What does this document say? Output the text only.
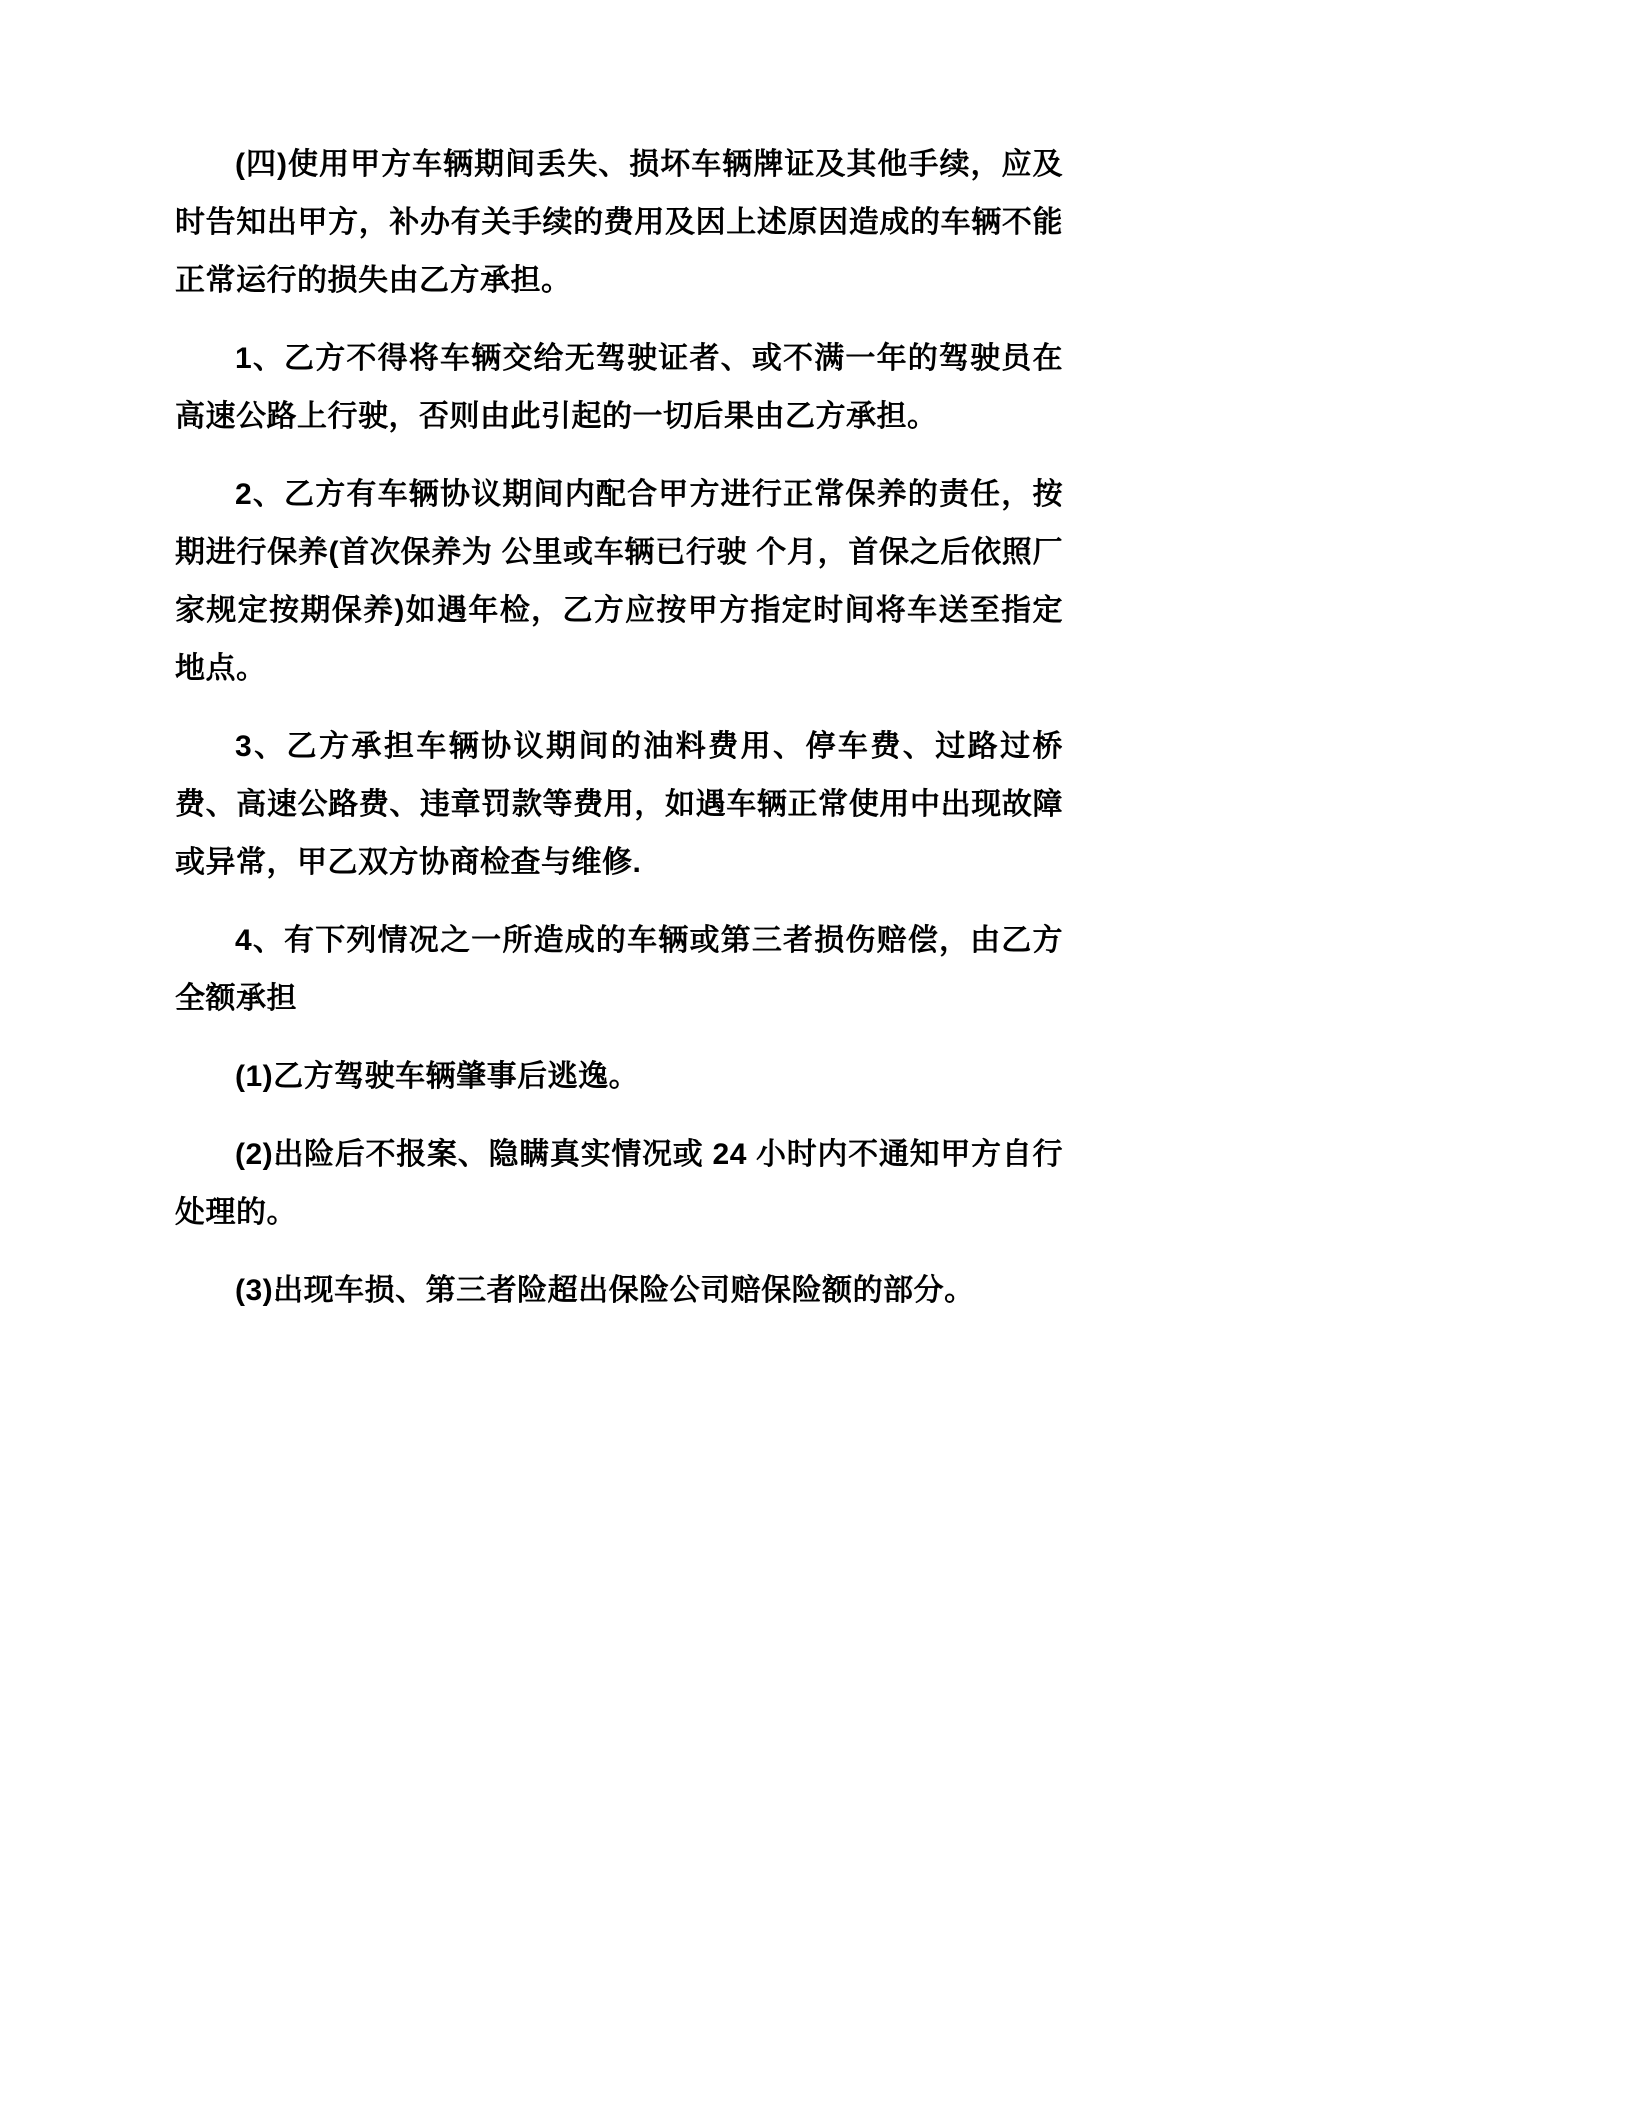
(四)使用甲方车辆期间丢失、损坏车辆牌证及其他手续，应及时告知出甲方，补办有关手续的费用及因上述原因造成的车辆不能正常运行的损失由乙方承担。

1、乙方不得将车辆交给无驾驶证者、或不满一年的驾驶员在高速公路上行驶，否则由此引起的一切后果由乙方承担。

2、乙方有车辆协议期间内配合甲方进行正常保养的责任，按期进行保养(首次保养为 公里或车辆已行驶 个月，首保之后依照厂家规定按期保养)如遇年检，乙方应按甲方指定时间将车送至指定地点。

3、乙方承担车辆协议期间的油料费用、停车费、过路过桥费、高速公路费、违章罚款等费用，如遇车辆正常使用中出现故障或异常，甲乙双方协商检查与维修.

4、有下列情况之一所造成的车辆或第三者损伤赔偿，由乙方全额承担

(1)乙方驾驶车辆肇事后逃逸。

(2)出险后不报案、隐瞒真实情况或 24 小时内不通知甲方自行处理的。

(3)出现车损、第三者险超出保险公司赔保险额的部分。
